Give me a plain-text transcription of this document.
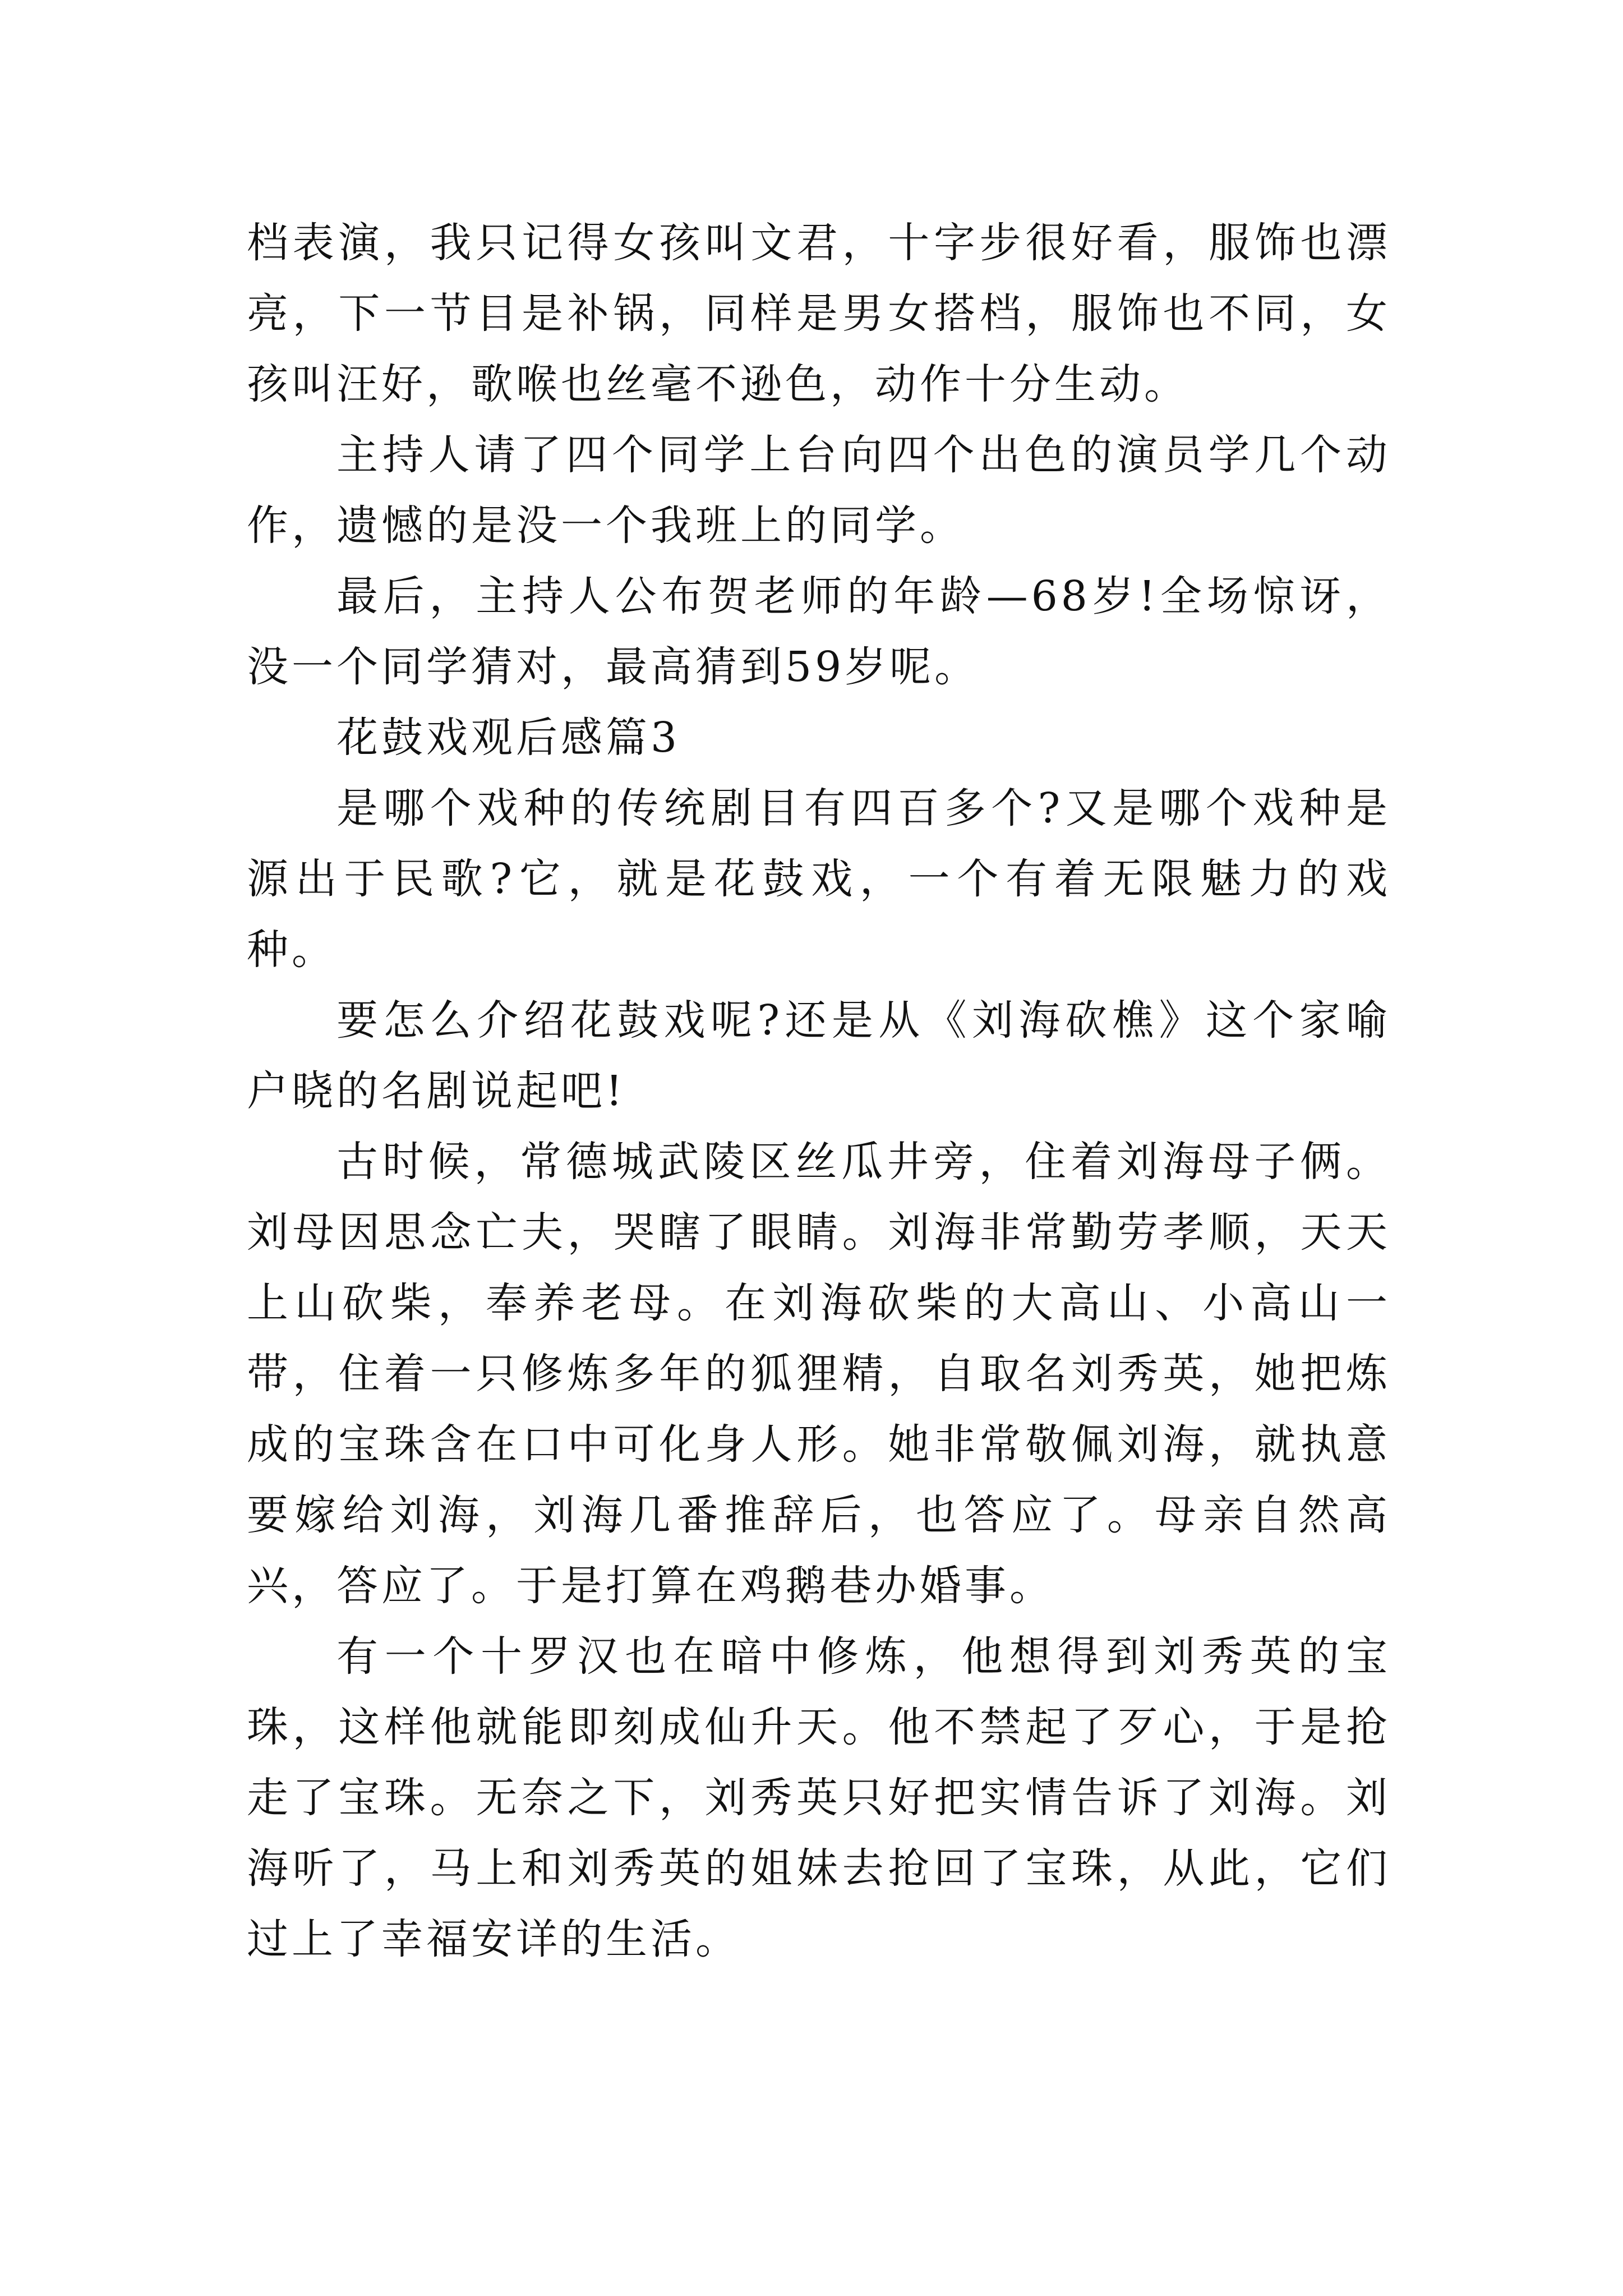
档表演，我只记得女孩叫文君，十字步很好看，服饰也漂亮，下一节目是补锅，同样是男女搭档，服饰也不同，女孩叫汪好，歌喉也丝毫不逊色，动作十分生动。

主持人请了四个同学上台向四个出色的演员学几个动作，遗憾的是没一个我班上的同学。

最后，主持人公布贺老师的年龄—68岁!全场惊讶，没一个同学猜对，最高猜到59岁呢。

花鼓戏观后感篇3

是哪个戏种的传统剧目有四百多个?又是哪个戏种是源出于民歌?它，就是花鼓戏，一个有着无限魅力的戏种。

要怎么介绍花鼓戏呢?还是从《刘海砍樵》这个家喻户晓的名剧说起吧!

古时候，常德城武陵区丝瓜井旁，住着刘海母子俩。刘母因思念亡夫，哭瞎了眼睛。刘海非常勤劳孝顺，天天上山砍柴，奉养老母。在刘海砍柴的大高山、小高山一带，住着一只修炼多年的狐狸精，自取名刘秀英，她把炼成的宝珠含在口中可化身人形。她非常敬佩刘海，就执意要嫁给刘海，刘海几番推辞后，也答应了。母亲自然高兴，答应了。于是打算在鸡鹅巷办婚事。

有一个十罗汉也在暗中修炼，他想得到刘秀英的宝珠，这样他就能即刻成仙升天。他不禁起了歹心，于是抢走了宝珠。无奈之下，刘秀英只好把实情告诉了刘海。刘海听了，马上和刘秀英的姐妹去抢回了宝珠，从此，它们过上了幸福安详的生活。
